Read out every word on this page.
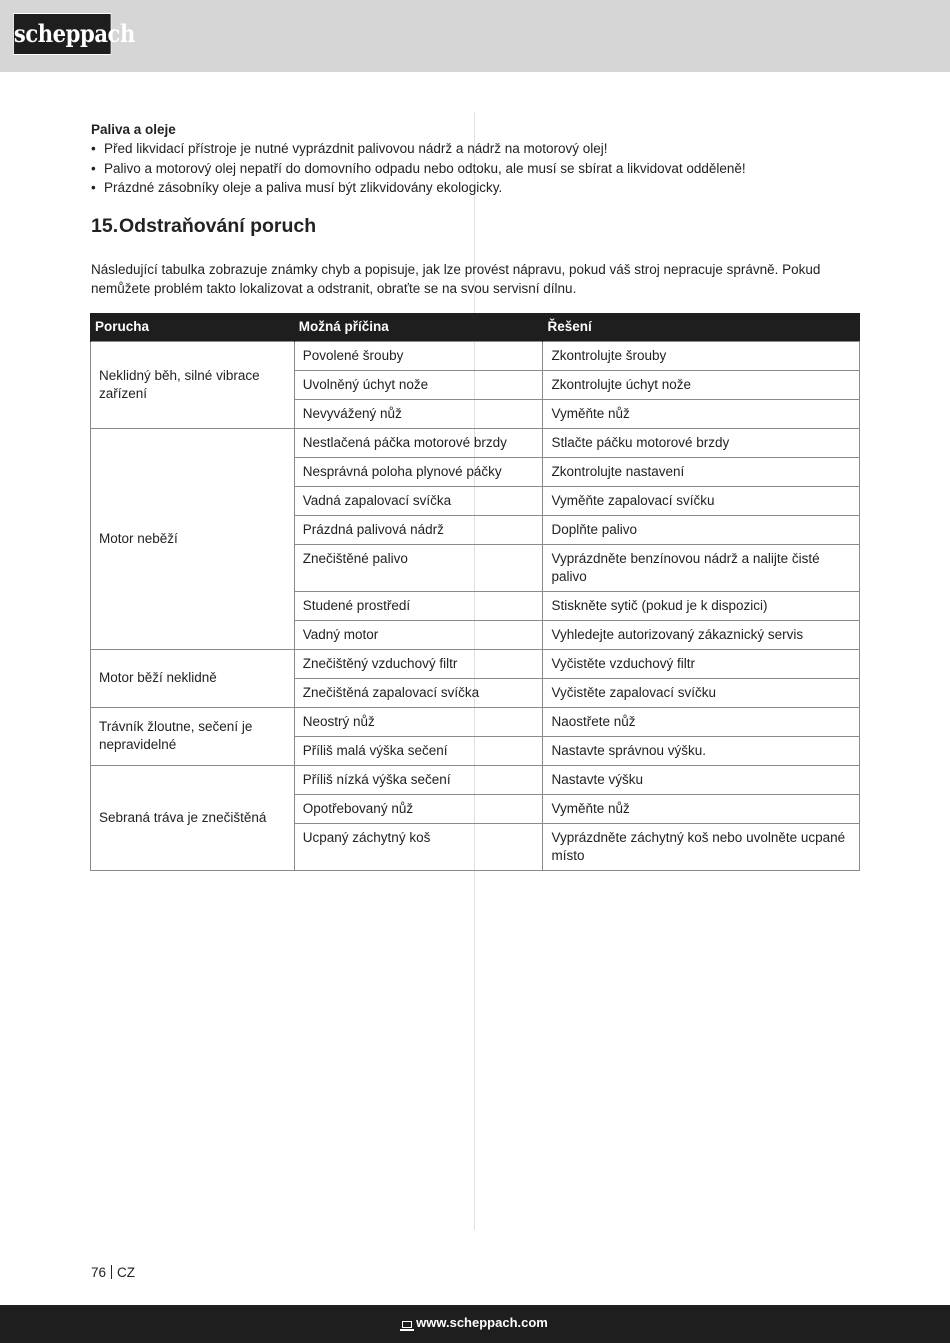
scheppach
Paliva a oleje
• Před likvidací přístroje je nutné vyprázdnit palivovou nádrž a nádrž na motorový olej!
• Palivo a motorový olej nepatří do domovního odpadu nebo odtoku, ale musí se sbírat a likvidovat odděleně!
• Prázdné zásobníky oleje a paliva musí být zlikvidovány ekologicky.
15.Odstraňování poruch
Následující tabulka zobrazuje známky chyb a popisuje, jak lze provést nápravu, pokud váš stroj nepracuje správně. Pokud nemůžete problém takto lokalizovat a odstranit, obraťte se na svou servisní dílnu.
Porucha	Možná příčina	Řešení
Neklidný běh, silné vibrace zařízení	Povolené šrouby	Zkontrolujte šrouby
	Uvolněný úchyt nože	Zkontrolujte úchyt nože
	Nevyvážený nůž	Vyměňte nůž
Motor neběží	Nestlačená páčka motorové brzdy	Stlačte páčku motorové brzdy
	Nesprávná poloha plynové páčky	Zkontrolujte nastavení
	Vadná zapalovací svíčka	Vyměňte zapalovací svíčku
	Prázdná palivová nádrž	Doplňte palivo
	Znečištěné palivo	Vyprázdněte benzínovou nádrž a nalijte čisté palivo
	Studené prostředí	Stiskněte sytič (pokud je k dispozici)
	Vadný motor	Vyhledejte autorizovaný zákaznický servis
Motor běží neklidně	Znečištěný vzduchový filtr	Vyčistěte vzduchový filtr
	Znečištěná zapalovací svíčka	Vyčistěte zapalovací svíčku
Trávník žloutne, sečení je nepravidelné	Neostrý nůž	Naostřete nůž
	Příliš malá výška sečení	Nastavte správnou výšku.
Sebraná tráva je znečištěná	Příliš nízká výška sečení	Nastavte výšku
	Opotřebovaný nůž	Vyměňte nůž
	Ucpaný záchytný koš	Vyprázdněte záchytný koš nebo uvolněte ucpané místo
76 CZ
www.scheppach.com
